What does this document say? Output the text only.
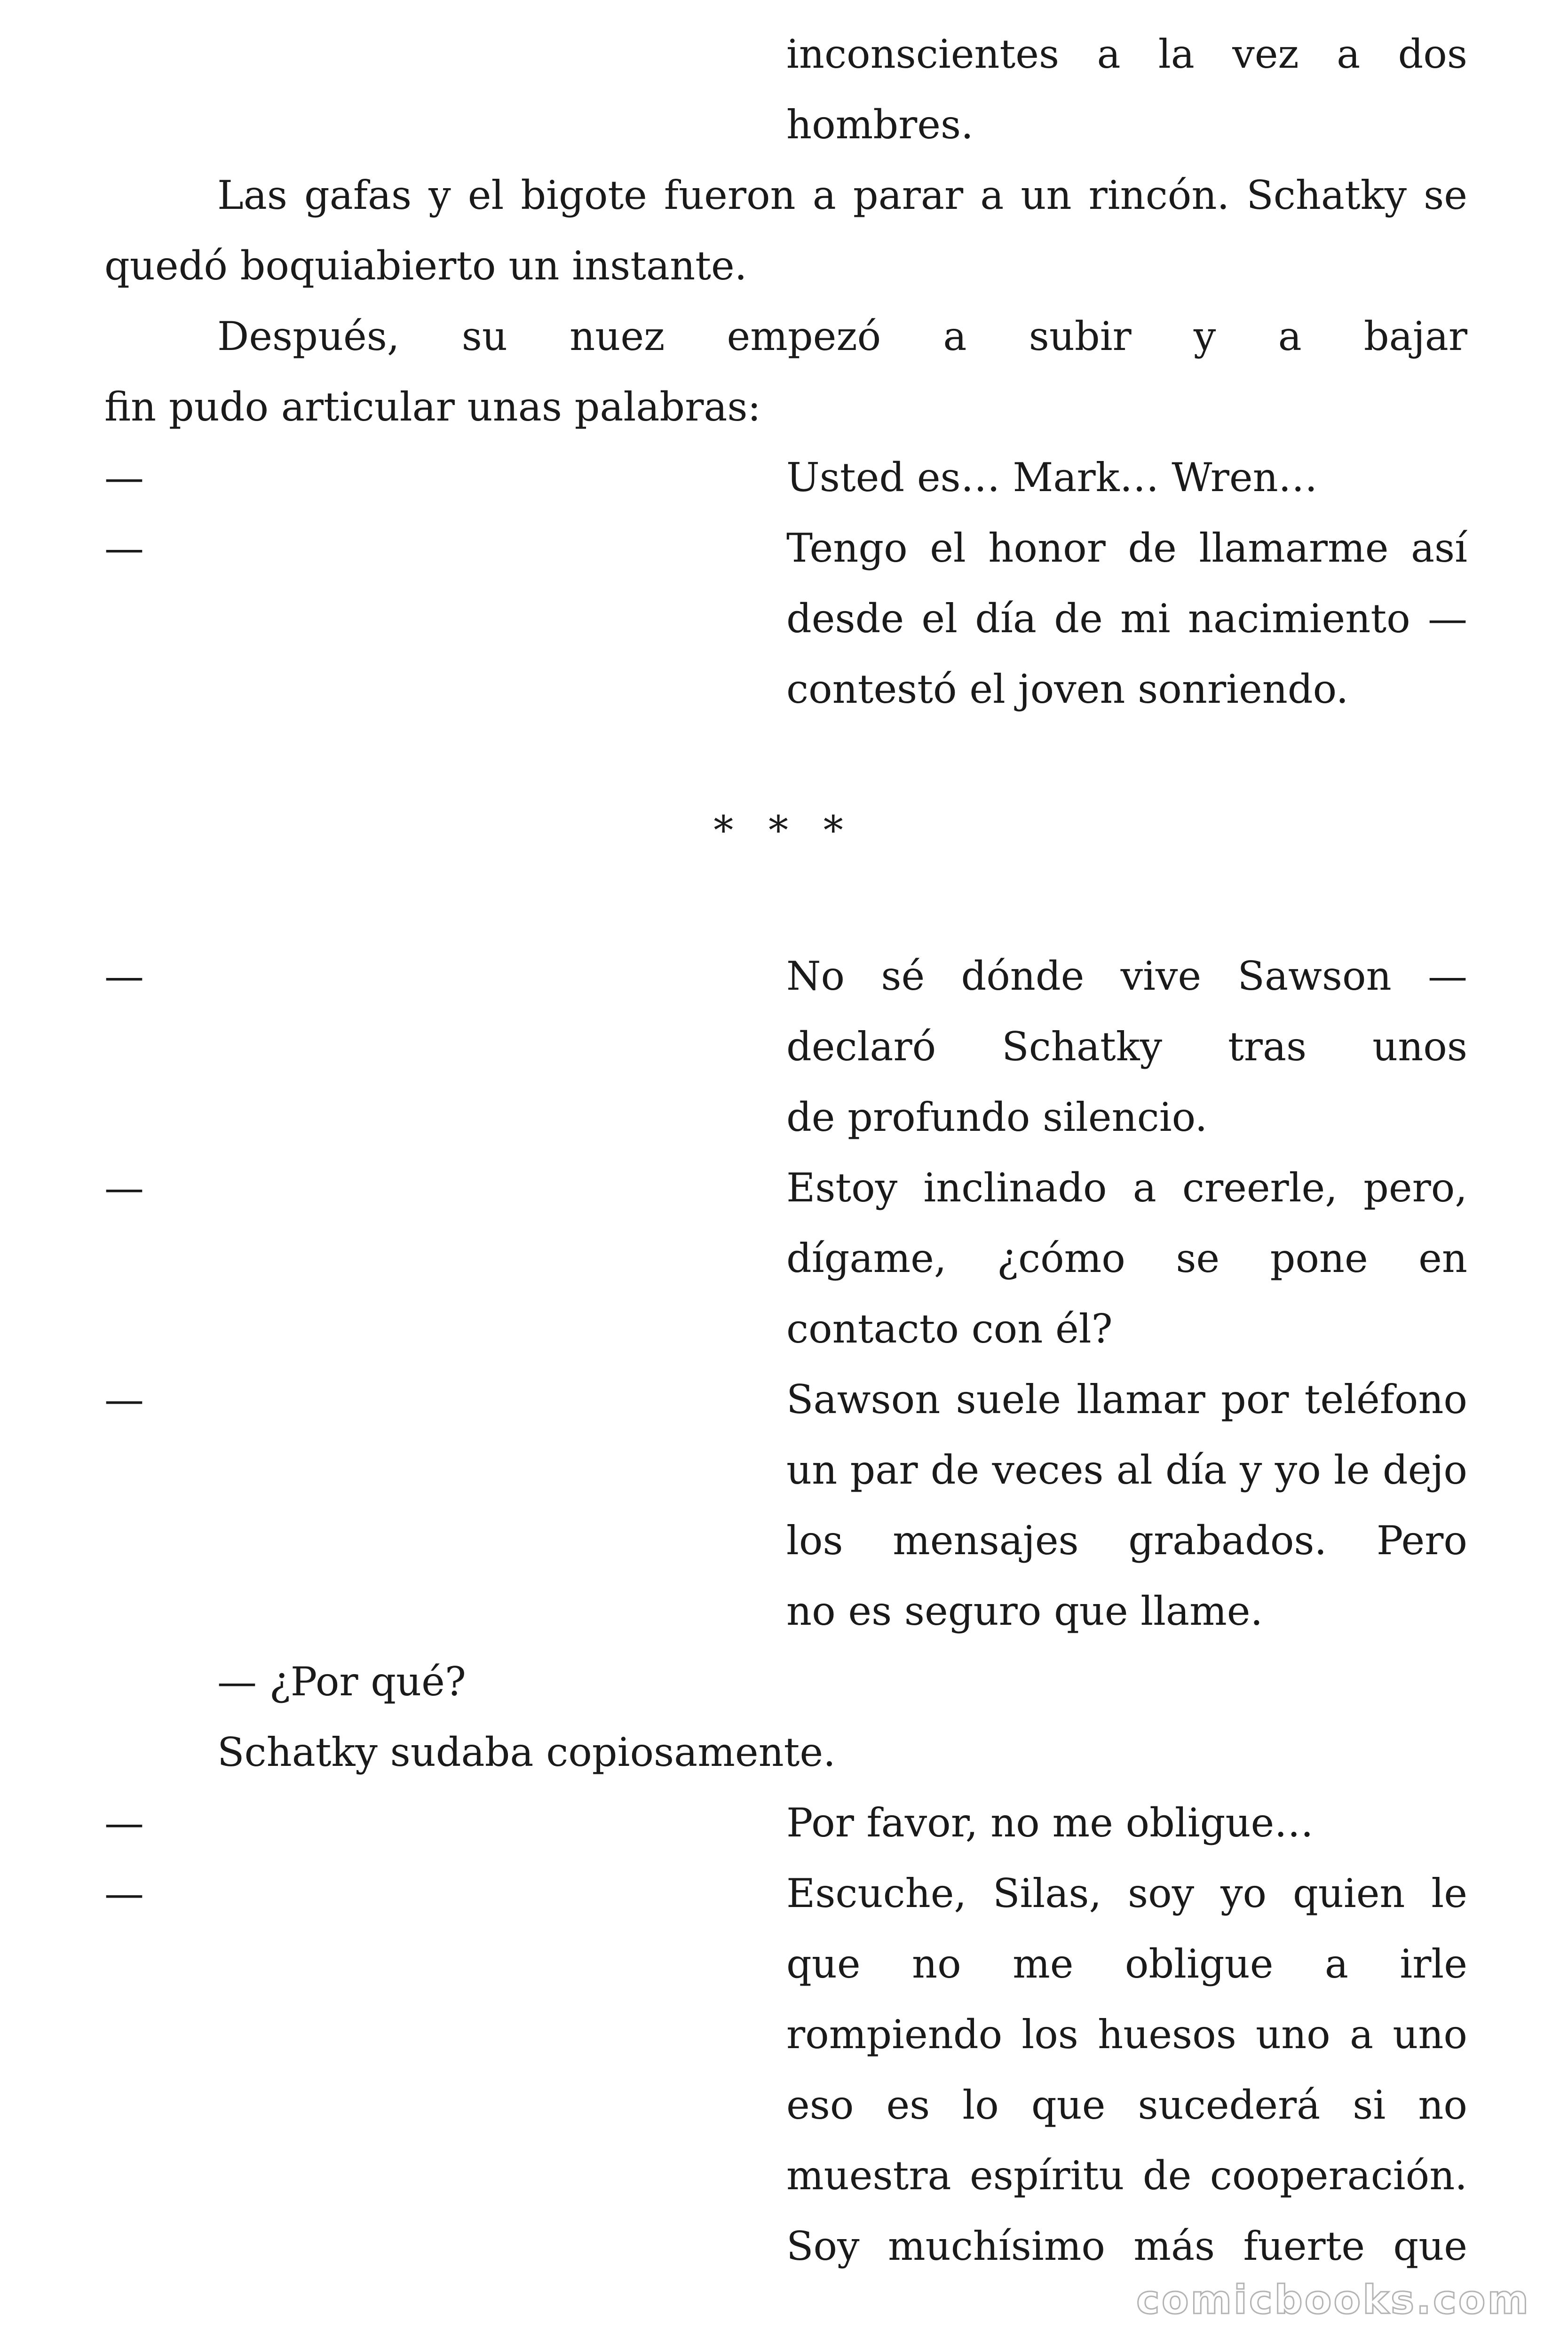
inconscientes a la vez a dos
hombres.
Las gafas y el bigote fueron a parar a un rincón. Schatky se
quedó boquiabierto un instante.
Después, su nuez empezó a subir y a bajar
fin pudo articular unas palabras:
—	Usted es… Mark… Wren…
—	Tengo el honor de llamarme así
desde el día de mi nacimiento —
contestó el joven sonriendo.
* * *
—	No sé dónde vive Sawson —
declaró Schatky tras unos
de profundo silencio.
—	Estoy inclinado a creerle, pero,
dígame, ¿cómo se pone en
contacto con él?
—	Sawson suele llamar por teléfono
un par de veces al día y yo le dejo
los mensajes grabados. Pero
no es seguro que llame.
— ¿Por qué?
Schatky sudaba copiosamente.
—	Por favor, no me obligue…
—	Escuche, Silas, soy yo quien le
que no me obligue a irle
rompiendo los huesos uno a uno
eso es lo que sucederá si no
muestra espíritu de cooperación.
Soy muchísimo más fuerte que
comicbooks.com
